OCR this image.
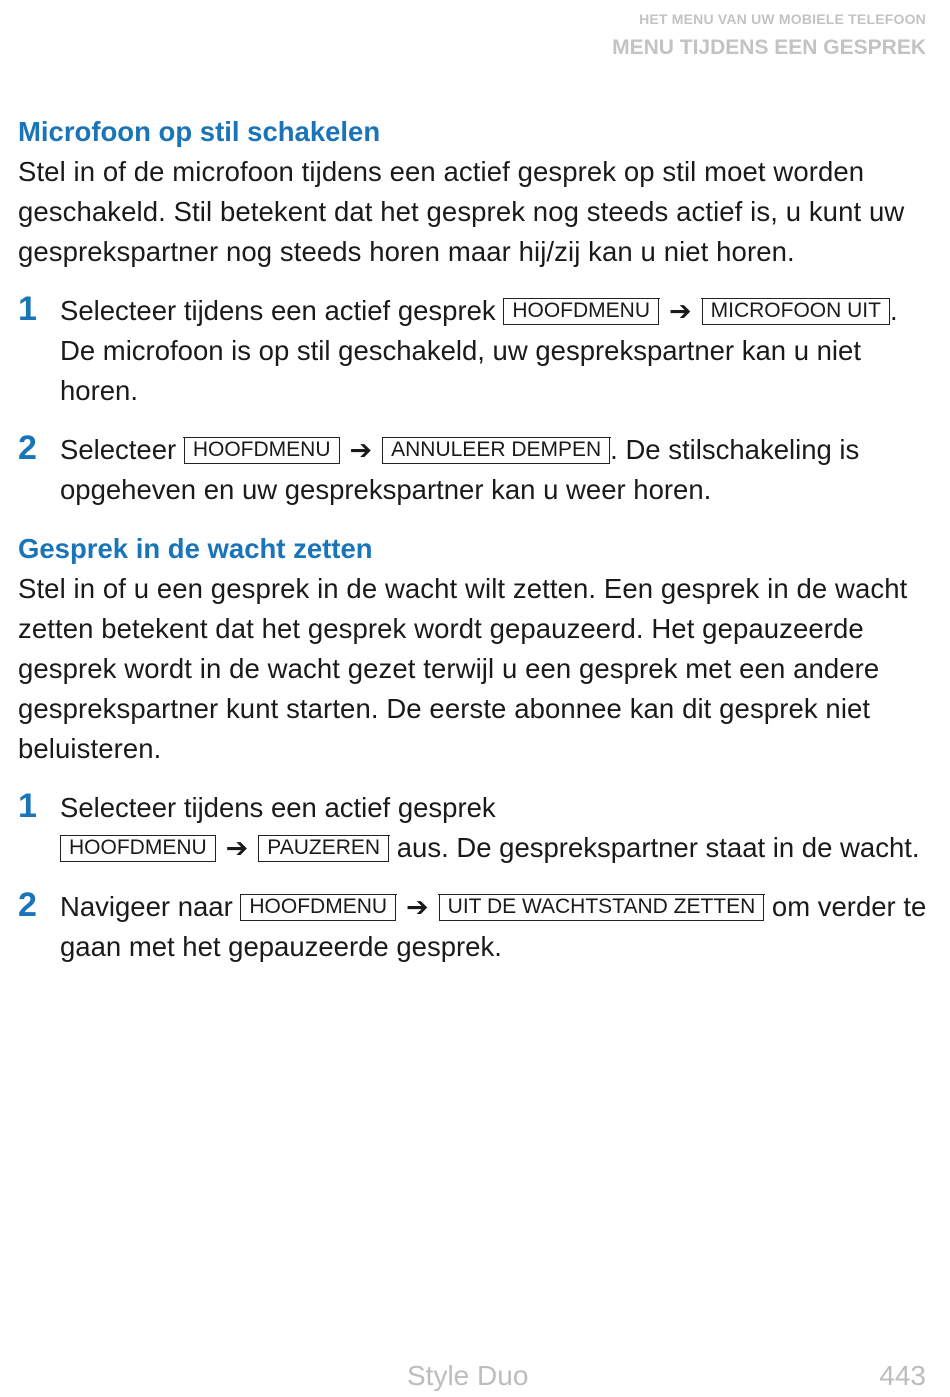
HET MENU VAN UW MOBIELE TELEFOON
MENU TIJDENS EEN GESPREK
Microfoon op stil schakelen

Stel in of de microfoon tijdens een actief gesprek op stil moet worden geschakeld. Stil betekent dat het gesprek nog steeds actief is, u kunt uw gesprekspartner nog steeds horen maar hij/zij kan u niet horen.

1 Selecteer tijdens een actief gesprek HOOFDMENU ➔ MICROFOON UIT . De microfoon is op stil geschakeld, uw gesprekspartner kan u niet horen.
2 Selecteer HOOFDMENU ➔ ANNULEER DEMPEN . De stilschakeling is opgeheven en uw gesprekspartner kan u weer horen.
Gesprek in de wacht zetten

Stel in of u een gesprek in de wacht wilt zetten. Een gesprek in de wacht zetten betekent dat het gesprek wordt gepauzeerd. Het gepauzeerde gesprek wordt in de wacht gezet terwijl u een gesprek met een andere gesprekspartner kunt starten. De eerste abonnee kan dit gesprek niet beluisteren.

1 Selecteer tijdens een actief gesprek
HOOFDMENU ➔ PAUZEREN aus. De gesprekspartner staat in de wacht.
2 Navigeer naar HOOFDMENU ➔ UIT DE WACHTSTAND ZETTEN om verder te gaan met het gepauzeerde gesprek.
Style Duo	443
